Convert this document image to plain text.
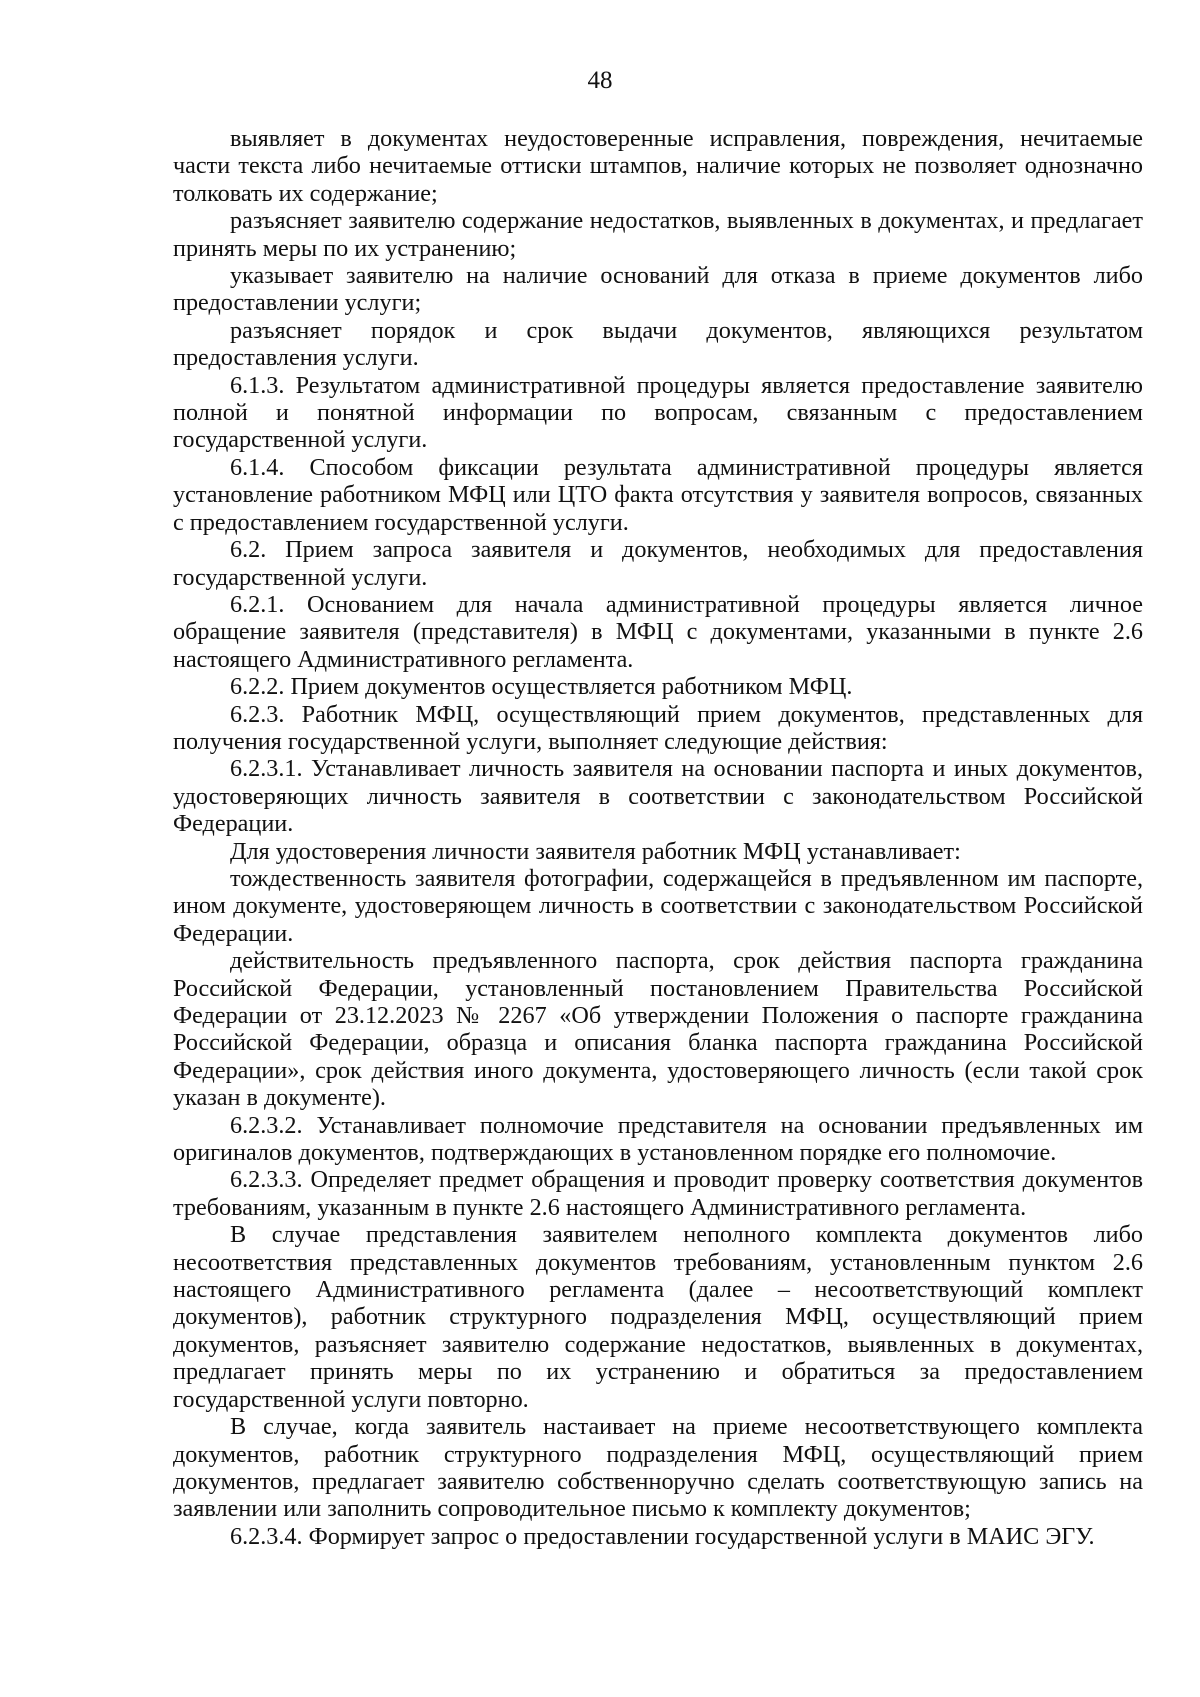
48

выявляет в документах неудостоверенные исправления, повреждения, нечитаемые части текста либо нечитаемые оттиски штампов, наличие которых не позволяет однозначно толковать их содержание;

разъясняет заявителю содержание недостатков, выявленных в документах, и предлагает принять меры по их устранению;

указывает заявителю на наличие оснований для отказа в приеме документов либо предоставлении услуги;

разъясняет порядок и срок выдачи документов, являющихся результатом предоставления услуги.

6.1.3. Результатом административной процедуры является предоставление заявителю полной и понятной информации по вопросам, связанным с предоставлением государственной услуги.

6.1.4. Способом фиксации результата административной процедуры является установление работником МФЦ или ЦТО факта отсутствия у заявителя вопросов, связанных с предоставлением государственной услуги.

6.2. Прием запроса заявителя и документов, необходимых для предоставления государственной услуги.

6.2.1. Основанием для начала административной процедуры является личное обращение заявителя (представителя) в МФЦ с документами, указанными в пункте 2.6 настоящего Административного регламента.

6.2.2. Прием документов осуществляется работником МФЦ.

6.2.3. Работник МФЦ, осуществляющий прием документов, представленных для получения государственной услуги, выполняет следующие действия:

6.2.3.1. Устанавливает личность заявителя на основании паспорта и иных документов, удостоверяющих личность заявителя в соответствии с законодательством Российской Федерации.

Для удостоверения личности заявителя работник МФЦ устанавливает:

тождественность заявителя фотографии, содержащейся в предъявленном им паспорте, ином документе, удостоверяющем личность в соответствии с законодательством Российской Федерации.

действительность предъявленного паспорта, срок действия паспорта гражданина Российской Федерации, установленный постановлением Правительства Российской Федерации от 23.12.2023 № 2267 «Об утверждении Положения о паспорте гражданина Российской Федерации, образца и описания бланка паспорта гражданина Российской Федерации», срок действия иного документа, удостоверяющего личность (если такой срок указан в документе).

6.2.3.2. Устанавливает полномочие представителя на основании предъявленных им оригиналов документов, подтверждающих в установленном порядке его полномочие.

6.2.3.3. Определяет предмет обращения и проводит проверку соответствия документов требованиям, указанным в пункте 2.6 настоящего Административного регламента.

В случае представления заявителем неполного комплекта документов либо несоответствия представленных документов требованиям, установленным пунктом 2.6 настоящего Административного регламента (далее – несоответствующий комплект документов), работник структурного подразделения МФЦ, осуществляющий прием документов, разъясняет заявителю содержание недостатков, выявленных в документах, предлагает принять меры по их устранению и обратиться за предоставлением государственной услуги повторно.

В случае, когда заявитель настаивает на приеме несоответствующего комплекта документов, работник структурного подразделения МФЦ, осуществляющий прием документов, предлагает заявителю собственноручно сделать соответствующую запись на заявлении или заполнить сопроводительное письмо к комплекту документов;

6.2.3.4. Формирует запрос о предоставлении государственной услуги в МАИС ЭГУ.
